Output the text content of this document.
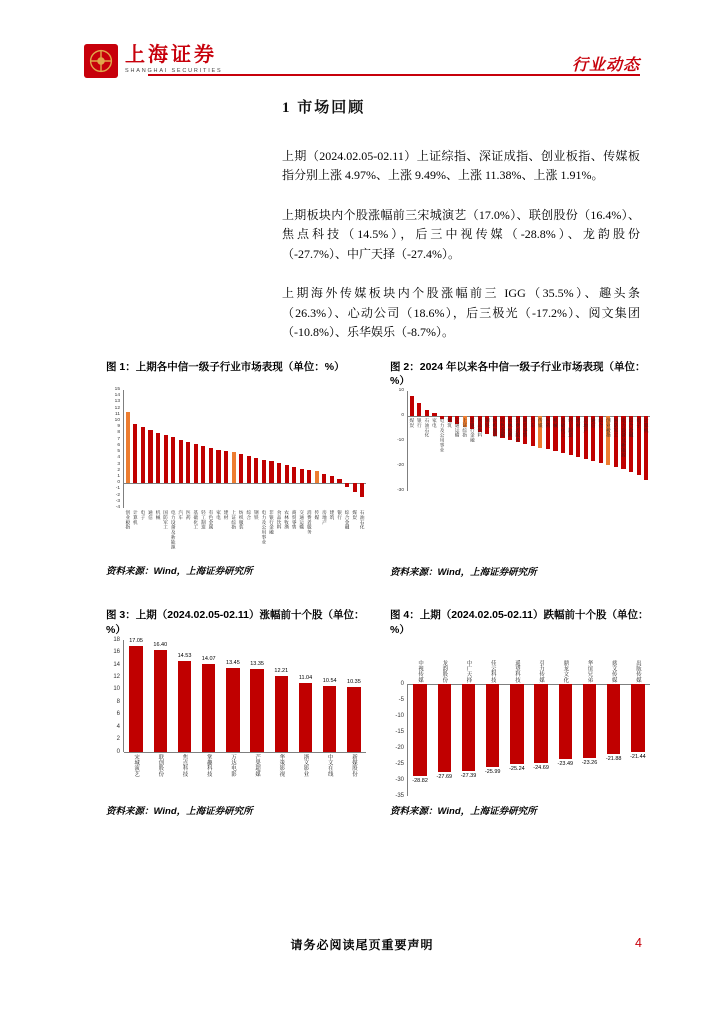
上海证券
SHANGHAI SECURITIES	行业动态
1 市场回顾

上期（2024.02.05-02.11）上证综指、深证成指、创业板指、传媒板指分别上涨 4.97%、上涨 9.49%、上涨 11.38%、上涨 1.91%。

上期板块内个股涨幅前三宋城演艺（17.0%）、联创股份（16.4%）、焦点科技（14.5%），后三中视传媒（-28.8%）、龙韵股份（-27.7%）、中广天择（-27.4%）。

上期海外传媒板块内个股涨幅前三 IGG（35.5%）、趣头条（26.3%）、心动公司（18.6%），后三极光（-17.2%）、阅文集团（-10.8%）、乐华娱乐（-8.7%）。

图 1：上期各中信一级子行业市场表现（单位：%）
-4
-3
-2
-1
0
1
2
3
4
5
6
7
8
9
10
11
12
13
14
15
创业板指 计算机 电子 通信 机械 国防军工 电力设备及新能源 汽车 医药 基础化工 轻工制造 有色金属 家电 建材 上证综指 纺织服装 综合 钢铁 电力及公用事业 非银行金融 食品饮料 农林牧渔 商贸零售 交通运输 消费者服务 传媒 房地产 建筑 银行 综合金融 煤炭 石油石化
资料来源：Wind，上海证券研究所
图 2：2024 年以来各中信一级子行业市场表现（单位：%）
-30
-20
-10
0
10
煤炭 银行 石油石化 家电 电力及公用事业 建筑 交通运输 上证综指 非银行金融 食品饮料 钢铁 纺织服装 有色金属 农林牧渔 消费者服务 商贸零售 汽车 传媒 医药 机械 基础化工 轻工制造 建材 房地产 通信 综合 创业板指 国防军工 电力设备及新能源 综合金融 电子 计算机
资料来源：Wind，上海证券研究所
图 3：上期（2024.02.05-02.11）涨幅前十个股（单位：%）
0
2
4
6
8
10
12
14
16
18 17.05
16.40
14.53 14.07
13.45 13.35
12.21
11.04
10.54 10.35
宋城演艺	联创股份	焦点科技	掌趣科技	万达电影	芒果超媒	华策影视	浙文影业	中文在线	新媒股份
资料来源：Wind，上海证券研究所
图 4：上期（2024.02.05-02.11）跌幅前十个股（单位：%）
中视传媒	龙韵股份	中广天择	佳云科技	遥望科技	引力传媒	鼎龙文化	华谊兄弟	慈文传媒	出版传媒
-35
-30
-25
-20
-15
-10
-5
0
-28.82
-27.69 -27.39
-25.99 -25.24 -24.69
-23.49 -23.26
-21.88 -21.44
资料来源：Wind，上海证券研究所
请务必阅读尾页重要声明	4
